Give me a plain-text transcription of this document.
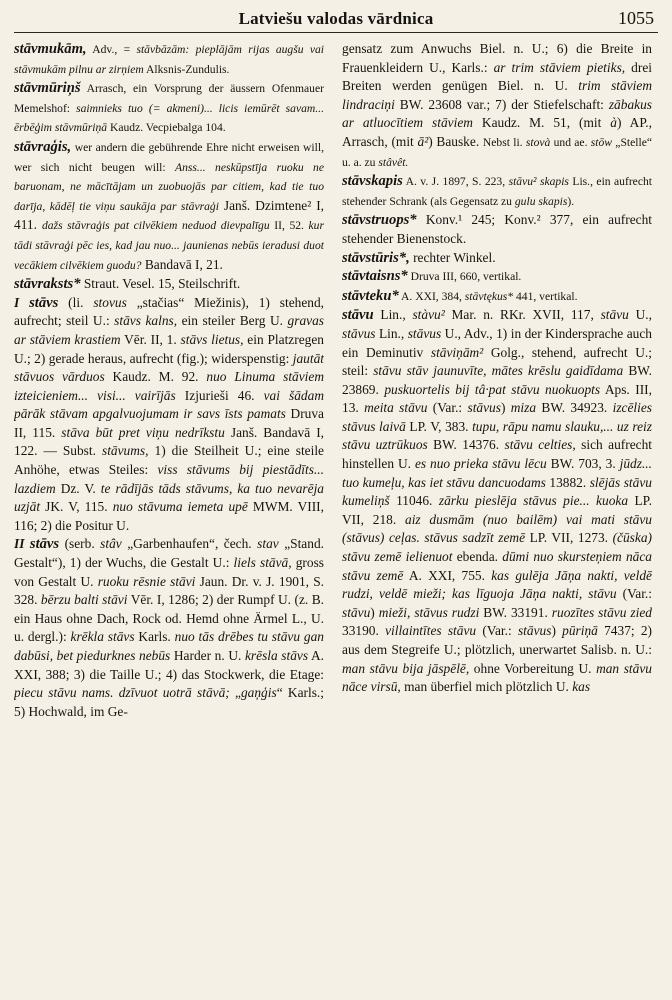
Latviešu valodas vārdnica	1055

stāvmukām, Adv., = stāvbāzām: pieplājām rijas augšu vai stāvmukām pilnu ar zirņiem Alksnis-Zundulis.

stāvmūriņš Arrasch, ein Vorsprung der äussern Ofenmauer Memelshof: saimnieks tuo (= akmeni)... licis iemūrēt savam... ērbēģim stāvmūriņā Kaudz. Vecpiebalga 104.

stāvraģis, wer andern die gebührende Ehre nicht erweisen will, wer sich nicht beugen will: Anss... neskūpstīja ruoku ne baruonam, ne mācītājam un zuobuojās par citiem, kad tie tuo darīja, kādēļ tie viņu saukāja par stāvraģi Janš. Dzimtene² I, 411. dažs stāvraģis pat cilvēkiem neduod dievpalīgu II, 52. kur tādi stāvraģi pēc ies, kad jau nuo... jaunienas nebūs ieradusi duot vecākiem cilvēkiem guodu? Bandavā I, 21.

stāvraksts* Straut. Vesel. 15, Steilschrift.

I stāvs (li. stovus „stačias“ Miežinis), 1) stehend, aufrecht; steil U.: stāvs kalns, ein steiler Berg U. gravas ar stāviem krastiem Vēr. II, 1. stāvs lietus, ein Platzregen U.; 2) gerade heraus, aufrecht (fig.); widerspenstig: jautāt stāvuos vārduos Kaudz. M. 92. nuo Linuma stāviem izteicieniem... visi... vairījās Izjurieši 46. vai šādam pārāk stāvam apgalvuojumam ir savs īsts pamats Druva II, 115. stāva būt pret viņu nedrīkstu Janš. Bandavā I, 122. — Subst. stāvums, 1) die Steilheit U.; eine steile Anhöhe, etwas Steiles: viss stāvums bij piestādīts... lazdiem Dz. V. te rādījās tāds stāvums, ka tuo nevarēja uzjāt JK. V, 115. nuo stāvuma iemeta upē MWM. VIII, 116; 2) die Positur U.

II stāvs (serb. stȃv „Garbenhaufen“, čech. stav „Stand. Gestalt“), 1) der Wuchs, die Gestalt U.: liels stāvā, gross von Gestalt U. ruoku rēsnie stāvi Jaun. Dr. v. J. 1901, S. 328. bērzu balti stāvi Vēr. I, 1286; 2) der Rumpf U. (z. B. ein Haus ohne Dach, Rock od. Hemd ohne Ärmel L., U. u. dergl.): krēkla stāvs Karls. nuo tās drēbes tu stāvu gan dabūsi, bet piedurknes nebūs Harder n. U. krēsla stāvs A. XXI, 388; 3) die Taille U.; 4) das Stockwerk, die Etage: piecu stāvu nams. dzīvuot uotrā stāvā; „gaņģis“ Karls.; 5) Hochwald, im Ge-

gensatz zum Anwuchs Biel. n. U.; 6) die Breite in Frauenkleidern U., Karls.: ar trim stāviem pietiks, drei Breiten werden genügen Biel. n. U. trim stāviem lindraciņi BW. 23608 var.; 7) der Stiefelschaft: zābakus ar atluocītiem stāviem Kaudz. M. 51, (mit à) AP., Arrasch, (mit ā²) Bauske. Nebst li. stovà und ae. stōw „Stelle“ u. a. zu stâvêt.

stāvskapis A. v. J. 1897, S. 223, stāvu² skapis Lis., ein aufrecht stehender Schrank (als Gegensatz zu gulu skapis).

stāvstruops* Konv.¹ 245; Konv.² 377, ein aufrecht stehender Bienenstock.

stāvstūris*, rechter Winkel.

stāvtaisns* Druva III, 660, vertikal.

stāvteku* A. XXI, 384, stāvtękus* 441, vertikal.

stāvu Lin., stàvu² Mar. n. RKr. XVII, 117, stāvu U., stāvus Lin., stāvus U., Adv., 1) in der Kindersprache auch ein Deminutiv stāviņām² Golg., stehend, aufrecht U.; steil: stāvu stāv jaunuvīte, mātes krēslu gaidīdama BW. 23869. puskuortelis bij tâ·pat stāvu nuokuopts Aps. III, 13. meita stāvu (Var.: stāvus) miza BW. 34923. izcēlies stāvus laivā LP. V, 383. tupu, rāpu namu slauku,... uz reiz stāvu uztrūkuos BW. 14376. stāvu celties, sich aufrecht hinstellen U. es nuo prieka stāvu lēcu BW. 703, 3. jūdz... tuo kumeļu, kas iet stāvu dancuodams 13882. slējās stāvu kumeliņš 11046. zārku pieslēja stāvus pie... kuoka LP. VII, 218. aiz dusmām (nuo bailēm) vai mati stāvu (stāvus) ceļas. stāvus sadzīt zemē LP. VII, 1273. (čūska) stāvu zemē ielienuot ebenda. dūmi nuo skursteņiem nāca stāvu zemē A. XXI, 755. kas gulēja Jāņa nakti, veldē rudzi, veldē mieži; kas līguoja Jāņa nakti, stāvu (Var.: stāvu) mieži, stāvus rudzi BW. 33191. ruozītes stāvu zied 33190. villaintītes stāvu (Var.: stāvus) pūriņā 7437; 2) aus dem Stegreife U.; plötzlich, unerwartet Salisb. n. U.: man stāvu bija jāspēlē, ohne Vorbereitung U. man stāvu nāce virsū, man überfiel mich plötzlich U. kas
